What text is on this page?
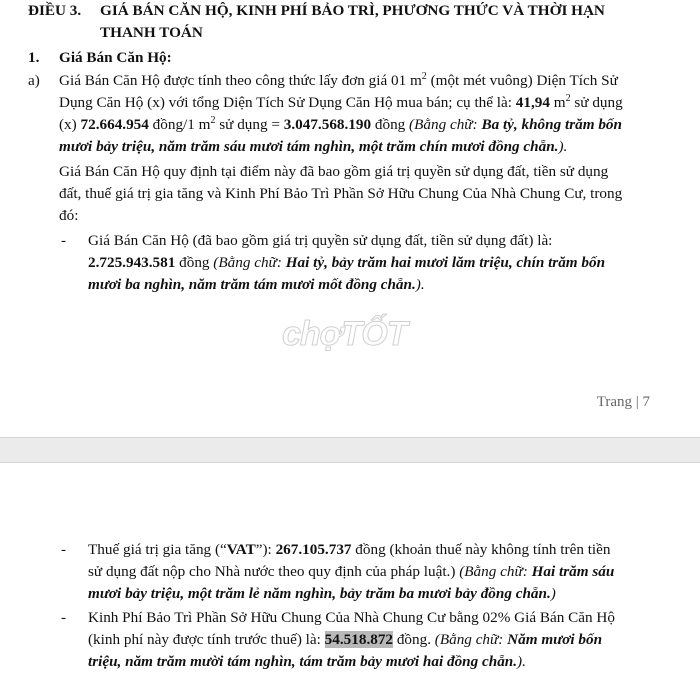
ĐIỀU 3. GIÁ BÁN CĂN HỘ, KINH PHÍ BẢO TRÌ, PHƯƠNG THỨC VÀ THỜI HẠN
THANH TOÁN
1. Giá Bán Căn Hộ:
a) Giá Bán Căn Hộ được tính theo công thức lấy đơn giá 01 $m^2$ (một mét vuông) Diện Tích Sử
Dụng Căn Hộ (x) với tổng Diện Tích Sử Dụng Căn Hộ mua bán; cụ thể là: 41,94 $m^2$ sử dụng
(x) 72.664.954 đồng/1 $m^2$ sử dụng = 3.047.568.190 đồng (Bằng chữ: Ba tỷ, không trăm bốn
mươi bảy triệu, năm trăm sáu mươi tám nghìn, một trăm chín mươi đồng chẵn.).
Giá Bán Căn Hộ quy định tại điểm này đã bao gồm giá trị quyền sử dụng đất, tiền sử dụng
đất, thuế giá trị gia tăng và Kinh Phí Bảo Trì Phần Sở Hữu Chung Của Nhà Chung Cư, trong
đó:
- Giá Bán Căn Hộ (đã bao gồm giá trị quyền sử dụng đất, tiền sử dụng đất) là:
2.725.943.581 đồng (Bằng chữ: Hai tỷ, bảy trăm hai mươi lăm triệu, chín trăm bốn
mươi ba nghìn, năm trăm tám mươi mốt đồng chẵn.).
chợTỐT
Trang | 7
- Thuế giá trị gia tăng (“VAT”): 267.105.737 đồng (khoản thuế này không tính trên tiền
sử dụng đất nộp cho Nhà nước theo quy định của pháp luật.) (Bằng chữ: Hai trăm sáu
mươi bảy triệu, một trăm lẻ năm nghìn, bảy trăm ba mươi bảy đồng chẵn.)
- Kinh Phí Bảo Trì Phần Sở Hữu Chung Của Nhà Chung Cư bằng 02% Giá Bán Căn Hộ
(kinh phí này được tính trước thuế) là: 54.518.872 đồng. (Bằng chữ: Năm mươi bốn
triệu, năm trăm mười tám nghìn, tám trăm bảy mươi hai đồng chẵn.).
